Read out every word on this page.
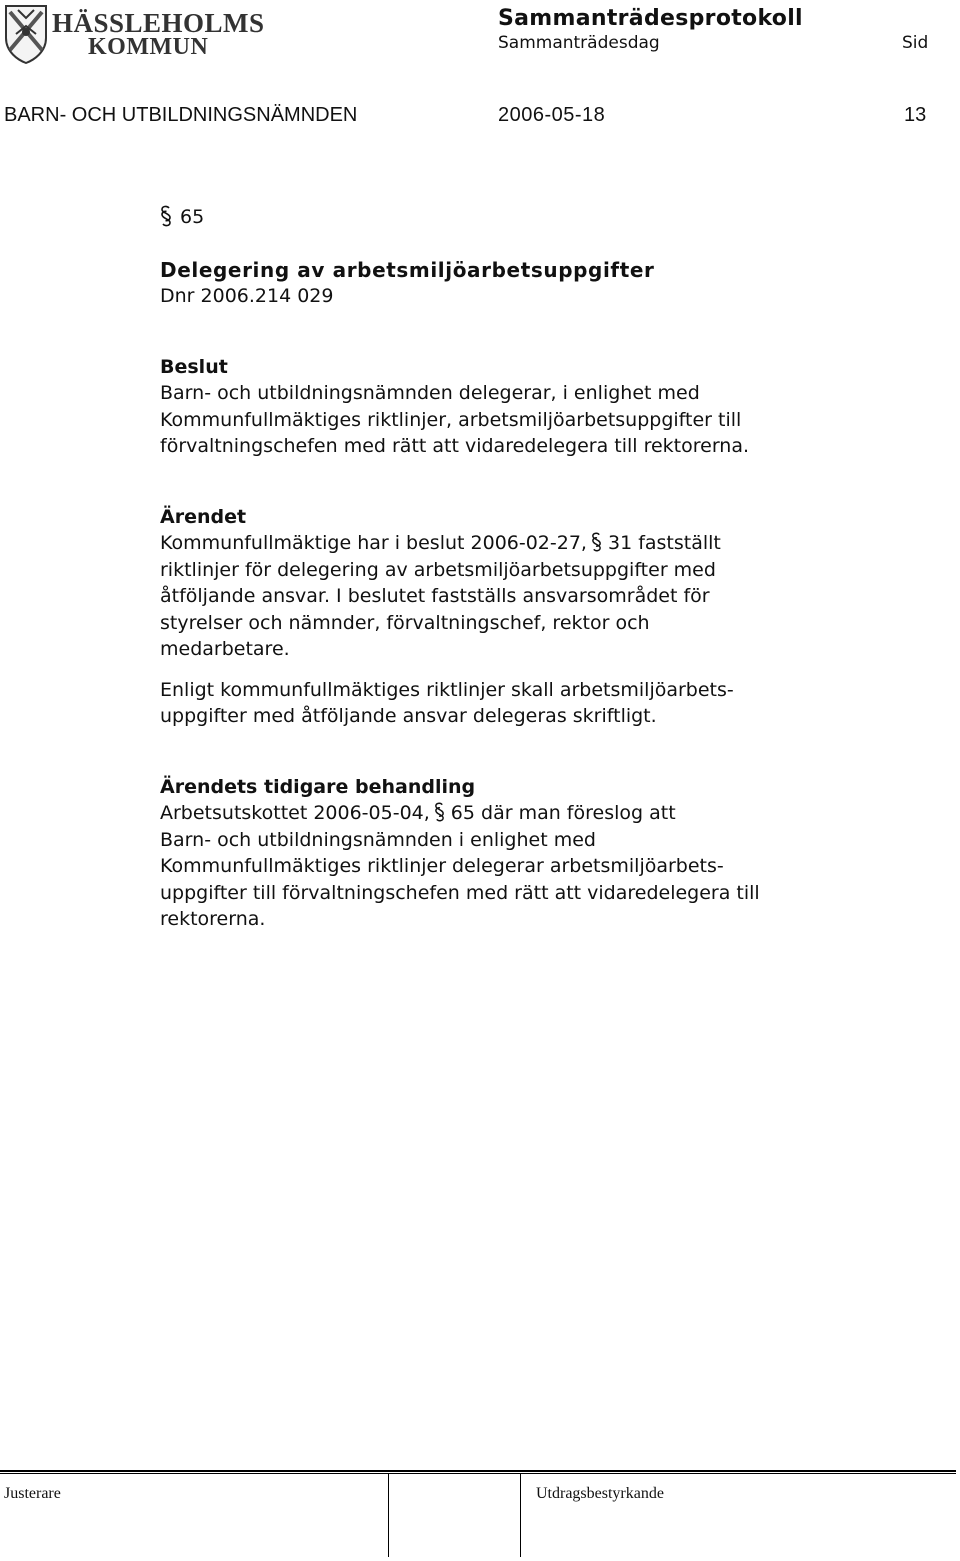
HÄSSLEHOLMS
KOMMUN
Sammanträdesprotokoll
Sammanträdesdag	Sid
BARN- OCH UTBILDNINGSNÄMNDEN	2006-05-18	13
65
Delegering av arbetsmiljöarbetsuppgifter
Dnr 2006.214 029
Beslut

Barn- och utbildningsnämnden delegerar, i enlighet med
Kommunfullmäktiges riktlinjer, arbetsmiljöarbetsuppgifter till
förvaltningschefen med rätt att vidaredelegera till rektorerna.

Ärendet

Kommunfullmäktige har i beslut 2006-02-27, 31 fastställt
riktlinjer för delegering av arbetsmiljöarbetsuppgifter med
åtföljande ansvar. I beslutet fastställs ansvarsområdet för
styrelser och nämnder, förvaltningschef, rektor och
medarbetare.

Enligt kommunfullmäktiges riktlinjer skall arbetsmiljöarbets-
uppgifter med åtföljande ansvar delegeras skriftligt.

Ärendets tidigare behandling

Arbetsutskottet 2006-05-04, 65 där man föreslog att
Barn- och utbildningsnämnden i enlighet med
Kommunfullmäktiges riktlinjer delegerar arbetsmiljöarbets-
uppgifter till förvaltningschefen med rätt att vidaredelegera till
rektorerna.

Justerare	Utdragsbestyrkande
